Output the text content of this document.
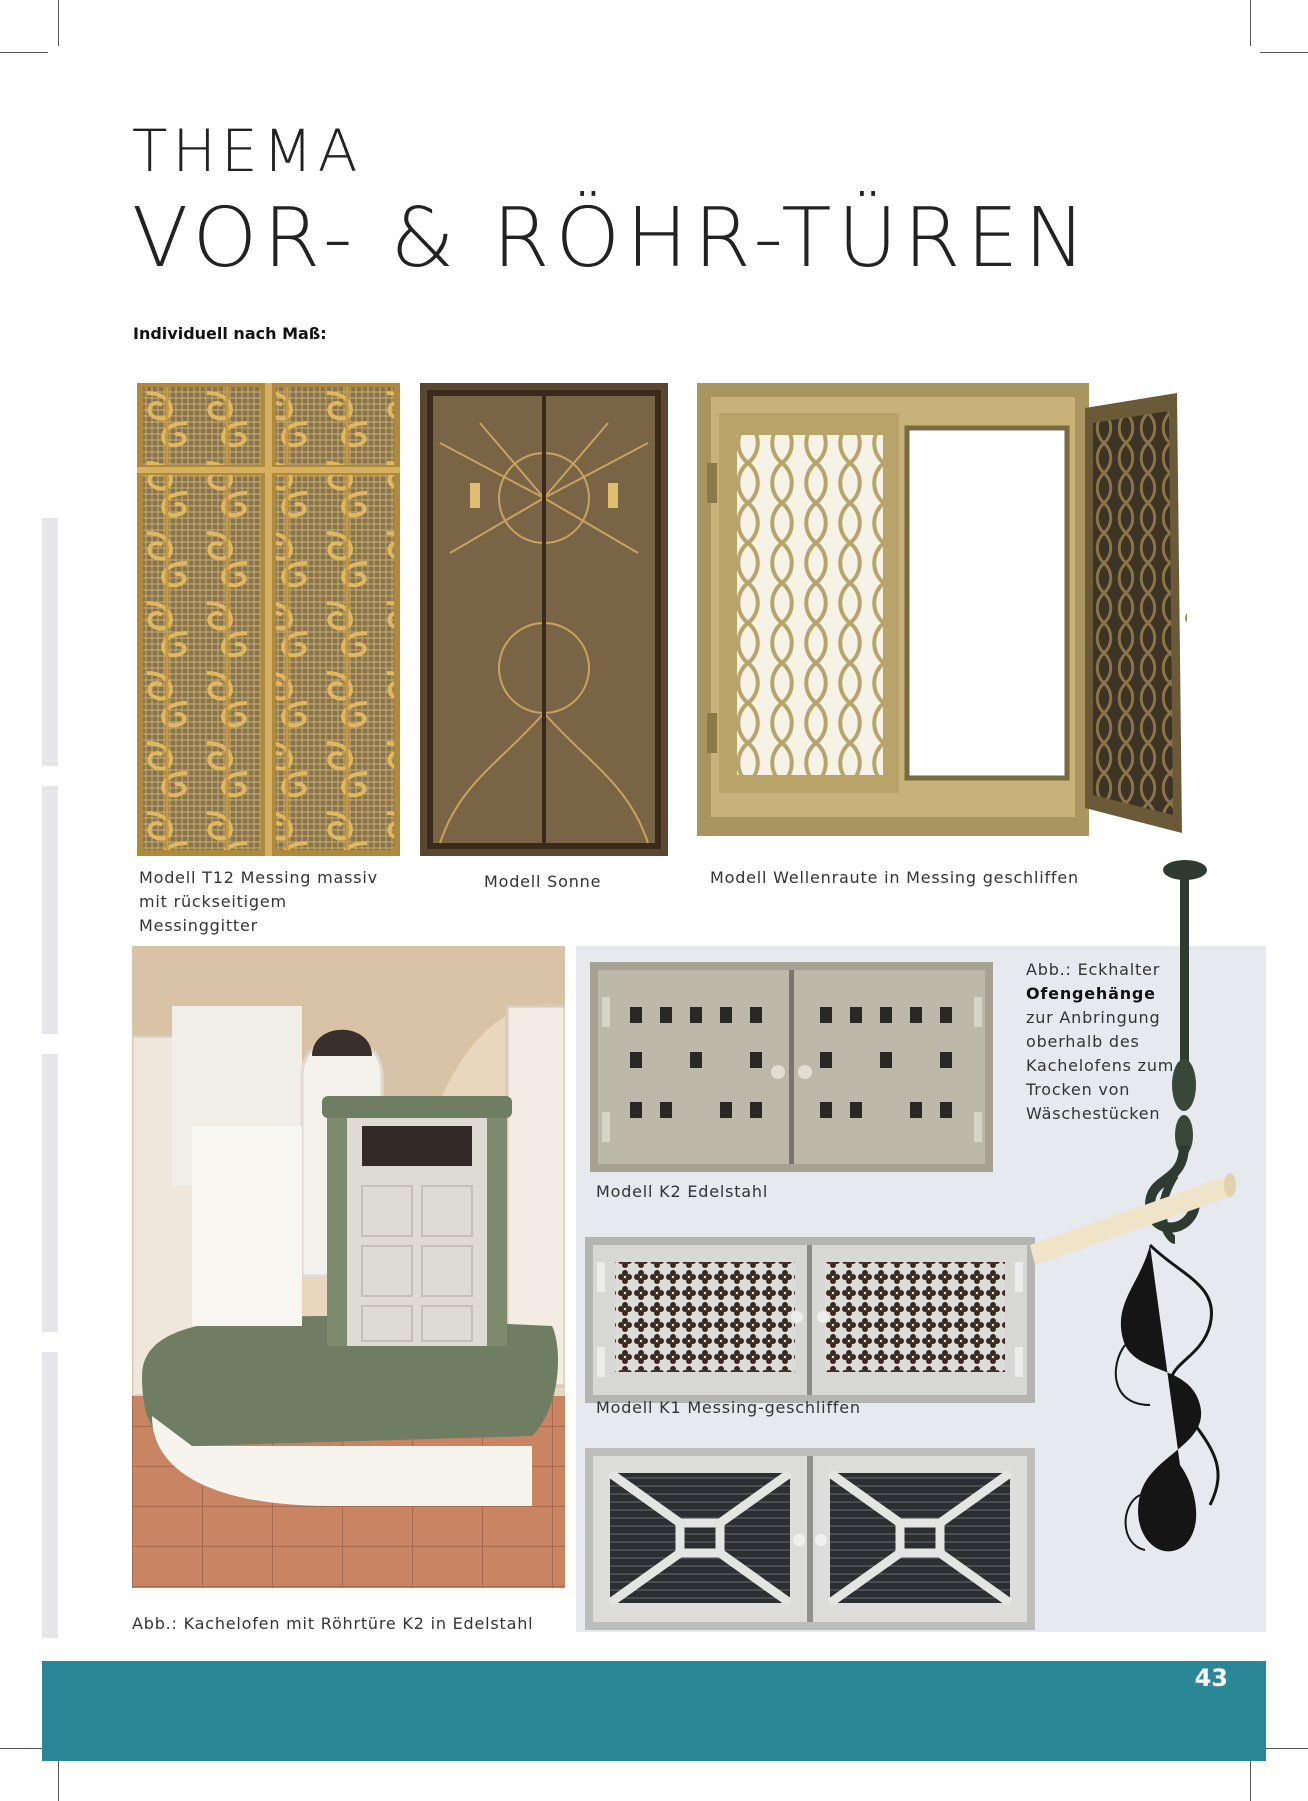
THEMA
VOR- & RÖHR-TÜREN
Individuell nach Maß:
Modell T12 Messing massiv mit rückseitigem Messinggitter
Modell Sonne	Modell Wellenraute in Messing geschliffen
Abb.: Kachelofen mit Röhrtüre K2 in Edelstahl
Modell K2 Edelstahl
Modell K1 Messing-geschliffen
Abb.: Eckhalter
Ofengehänge
zur Anbringung oberhalb des Kachelofens zum Trocken von Wäschestücken
43
